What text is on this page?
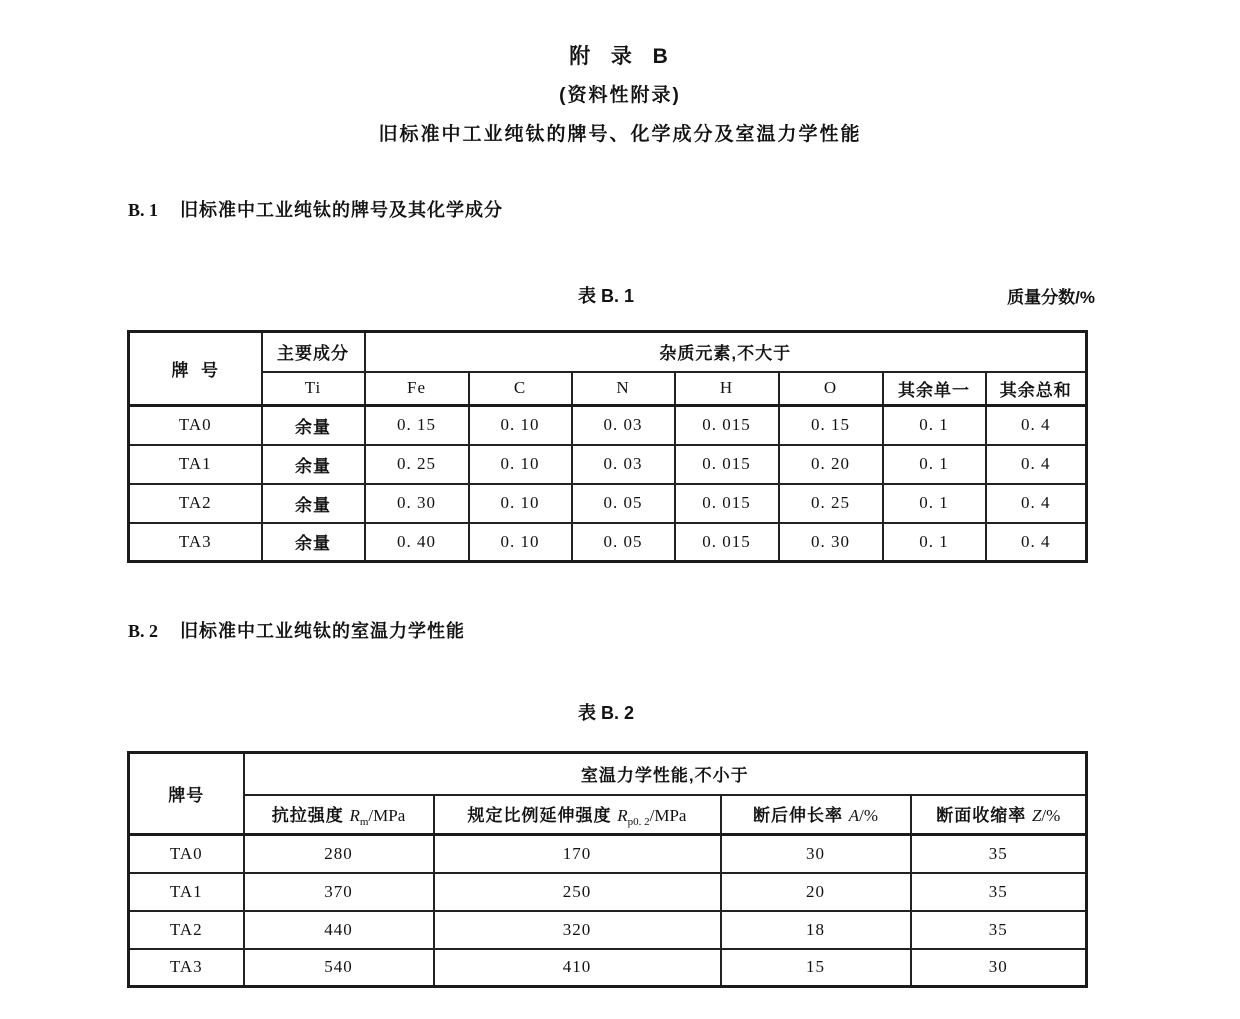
附  录  B
(资料性附录)
旧标准中工业纯钛的牌号、化学成分及室温力学性能
B. 1 旧标准中工业纯钛的牌号及其化学成分
表 B. 1	质量分数/%
牌  号	主要成分	杂质元素,不大于						
	Ti	Fe	C	N	H	O	其余单一	其余总和
TA0	余量	0. 15	0. 10	0. 03	0. 015	0. 15	0. 1	0. 4
TA1	余量	0. 25	0. 10	0. 03	0. 015	0. 20	0. 1	0. 4
TA2	余量	0. 30	0. 10	0. 05	0. 015	0. 25	0. 1	0. 4
TA3	余量	0. 40	0. 10	0. 05	0. 015	0. 30	0. 1	0. 4
B. 2 旧标准中工业纯钛的室温力学性能
表 B. 2
牌号	室温力学性能,不小于			
	抗拉强度 $R_m$/MPa	规定比例延伸强度 $R_{p0. 2}$/MPa	断后伸长率 A/%	断面收缩率 Z/%
TA0	280	170	30	35
TA1	370	250	20	35
TA2	440	320	18	35
TA3	540	410	15	30
